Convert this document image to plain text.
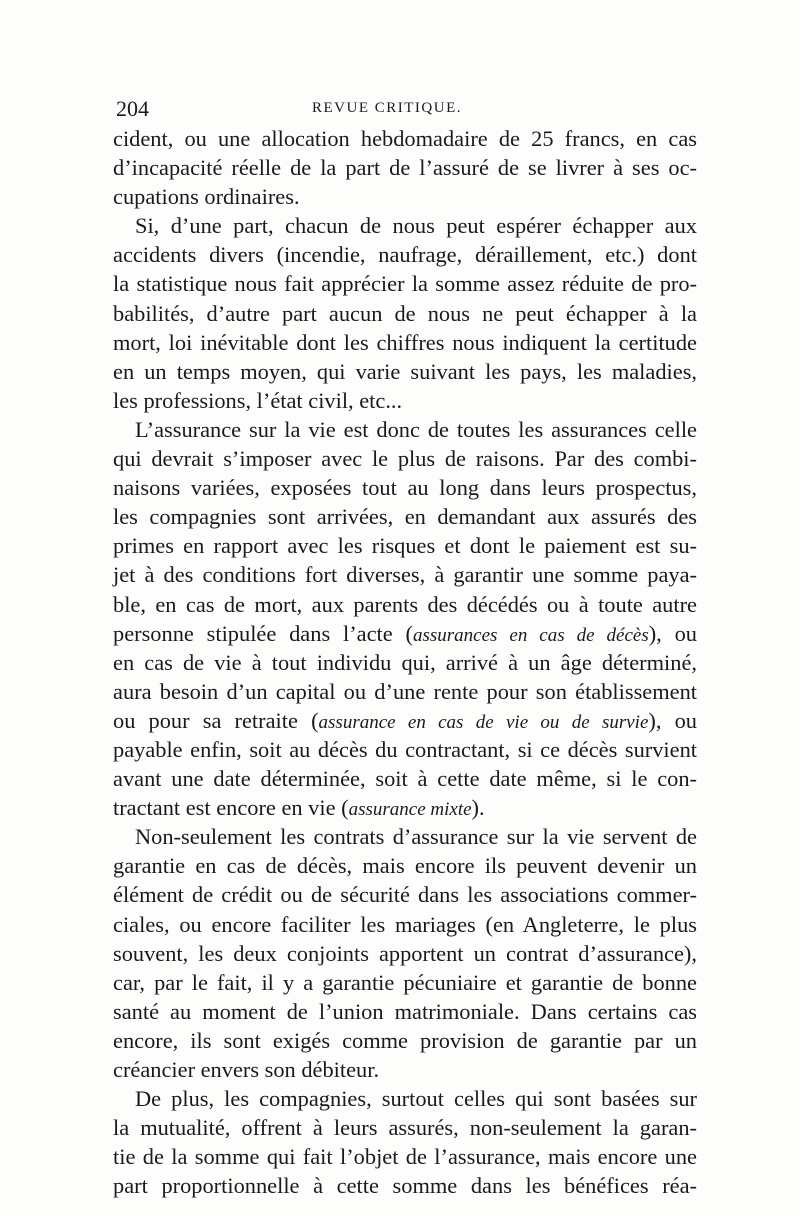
204	REVUE CRITIQUE.
cident, ou une allocation hebdomadaire de 25 francs, en cas
d’incapacité réelle de la part de l’assuré de se livrer à ses oc-
cupations ordinaires.
Si, d’une part, chacun de nous peut espérer échapper aux
accidents divers (incendie, naufrage, déraillement, etc.) dont
la statistique nous fait apprécier la somme assez réduite de pro-
babilités, d’autre part aucun de nous ne peut échapper à la
mort, loi inévitable dont les chiffres nous indiquent la certitude
en un temps moyen, qui varie suivant les pays, les maladies,
les professions, l’état civil, etc...
L’assurance sur la vie est donc de toutes les assurances celle
qui devrait s’imposer avec le plus de raisons. Par des combi-
naisons variées, exposées tout au long dans leurs prospectus,
les compagnies sont arrivées, en demandant aux assurés des
primes en rapport avec les risques et dont le paiement est su-
jet à des conditions fort diverses, à garantir une somme paya-
ble, en cas de mort, aux parents des décédés ou à toute autre
personne stipulée dans l’acte (assurances en cas de décès), ou
en cas de vie à tout individu qui, arrivé à un âge déterminé,
aura besoin d’un capital ou d’une rente pour son établissement
ou pour sa retraite (assurance en cas de vie ou de survie), ou
payable enfin, soit au décès du contractant, si ce décès survient
avant une date déterminée, soit à cette date même, si le con-
tractant est encore en vie (assurance mixte).
Non-seulement les contrats d’assurance sur la vie servent de
garantie en cas de décès, mais encore ils peuvent devenir un
élément de crédit ou de sécurité dans les associations commer-
ciales, ou encore faciliter les mariages (en Angleterre, le plus
souvent, les deux conjoints apportent un contrat d’assurance),
car, par le fait, il y a garantie pécuniaire et garantie de bonne
santé au moment de l’union matrimoniale. Dans certains cas
encore, ils sont exigés comme provision de garantie par un
créancier envers son débiteur.
De plus, les compagnies, surtout celles qui sont basées sur
la mutualité, offrent à leurs assurés, non-seulement la garan-
tie de la somme qui fait l’objet de l’assurance, mais encore une
part proportionnelle à cette somme dans les bénéfices réa-
